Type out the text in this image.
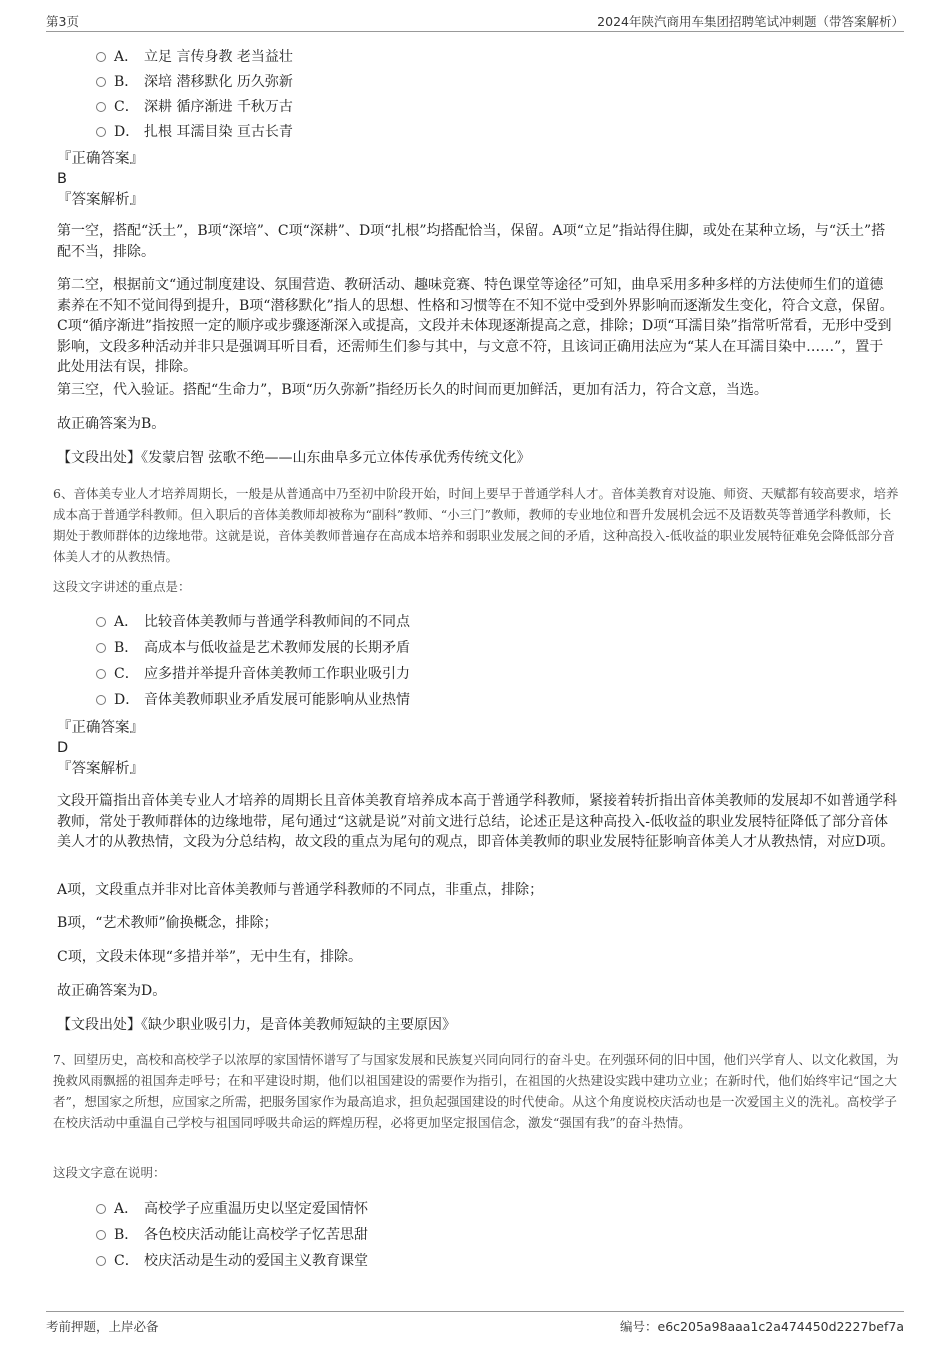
第3页	2024年陕汽商用车集团招聘笔试冲刺题（带答案解析）
A． 立足 言传身教 老当益壮
B． 深培 潜移默化 历久弥新
C． 深耕 循序渐进 千秋万古
D． 扎根 耳濡目染 亘古长青
『正确答案』
B
『答案解析』
第一空，搭配“沃土”，B项“深培”、C项“深耕”、D项“扎根”均搭配恰当，保留。A项“立足”指站得住脚，或处在某种立场，与“沃土”搭配不当，排除。
第二空，根据前文“通过制度建设、氛围营造、教研活动、趣味竞赛、特色课堂等途径”可知，曲阜采用多种多样的方法使师生们的道德素养在不知不觉间得到提升，B项“潜移默化”指人的思想、性格和习惯等在不知不觉中受到外界影响而逐渐发生变化，符合文意，保留。C项“循序渐进”指按照一定的顺序或步骤逐渐深入或提高，文段并未体现逐渐提高之意，排除；D项“耳濡目染”指常听常看，无形中受到影响，文段多种活动并非只是强调耳听目看，还需师生们参与其中，与文意不符，且该词正确用法应为“某人在耳濡目染中……”，置于此处用法有误，排除。
第三空，代入验证。搭配“生命力”，B项“历久弥新”指经历长久的时间而更加鲜活，更加有活力，符合文意，当选。
故正确答案为B。
【文段出处】《发蒙启智 弦歌不绝——山东曲阜多元立体传承优秀传统文化》
6、音体美专业人才培养周期长，一般是从普通高中乃至初中阶段开始，时间上要早于普通学科人才。音体美教育对设施、师资、天赋都有较高要求，培养成本高于普通学科教师。但入职后的音体美教师却被称为“副科”教师、“小三门”教师，教师的专业地位和晋升发展机会远不及语数英等普通学科教师，长期处于教师群体的边缘地带。这就是说，音体美教师普遍存在高成本培养和弱职业发展之间的矛盾，这种高投入-低收益的职业发展特征难免会降低部分音体美人才的从教热情。
这段文字讲述的重点是：
A． 比较音体美教师与普通学科教师间的不同点
B． 高成本与低收益是艺术教师发展的长期矛盾
C． 应多措并举提升音体美教师工作职业吸引力
D． 音体美教师职业矛盾发展可能影响从业热情
『正确答案』
D
『答案解析』
文段开篇指出音体美专业人才培养的周期长且音体美教育培养成本高于普通学科教师，紧接着转折指出音体美教师的发展却不如普通学科教师，常处于教师群体的边缘地带，尾句通过“这就是说”对前文进行总结，论述正是这种高投入-低收益的职业发展特征降低了部分音体美人才的从教热情，文段为分总结构，故文段的重点为尾句的观点，即音体美教师的职业发展特征影响音体美人才从教热情，对应D项。
A项，文段重点并非对比音体美教师与普通学科教师的不同点，非重点，排除；
B项，“艺术教师”偷换概念，排除；
C项，文段未体现“多措并举”，无中生有，排除。
故正确答案为D。
【文段出处】《缺少职业吸引力，是音体美教师短缺的主要原因》
7、回望历史，高校和高校学子以浓厚的家国情怀谱写了与国家发展和民族复兴同向同行的奋斗史。在列强环伺的旧中国，他们兴学育人、以文化救国，为挽救风雨飘摇的祖国奔走呼号；在和平建设时期，他们以祖国建设的需要作为指引，在祖国的火热建设实践中建功立业；在新时代，他们始终牢记“国之大者”，想国家之所想，应国家之所需，把服务国家作为最高追求，担负起强国建设的时代使命。从这个角度说校庆活动也是一次爱国主义的洗礼。高校学子在校庆活动中重温自己学校与祖国同呼吸共命运的辉煌历程，必将更加坚定报国信念，激发“强国有我”的奋斗热情。
这段文字意在说明：
A． 高校学子应重温历史以坚定爱国情怀
B． 各色校庆活动能让高校学子忆苦思甜
C． 校庆活动是生动的爱国主义教育课堂
考前押题，上岸必备	编号：e6c205a98aaa1c2a474450d2227bef7a
